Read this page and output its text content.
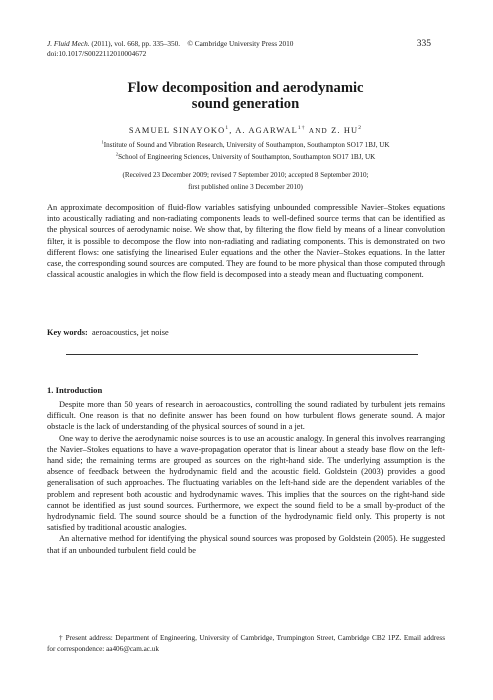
J. Fluid Mech. (2011), vol. 668, pp. 335–350. © Cambridge University Press 2010
doi:10.1017/S0022112010004672
335
Flow decomposition and aerodynamic
sound generation
SAMUEL SINAYOKO$^1$, A. $AGARWAL^{1\dagger}$ AND Z. $HU^2$
$^1$Institute of Sound and Vibration Research, University of Southampton, Southampton SO17 1BJ, UK
$^2$School of Engineering Sciences, University of Southampton, Southampton SO17 1BJ, UK
(Received 23 December 2009; revised 7 September 2010; accepted 8 September 2010;
first published online 3 December 2010)
An approximate decomposition of fluid-flow variables satisfying unbounded compressible Navier–Stokes equations into acoustically radiating and non-radiating components leads to well-defined source terms that can be identified as the physical sources of aerodynamic noise. We show that, by filtering the flow field by means of a linear convolution filter, it is possible to decompose the flow into non-radiating and radiating components. This is demonstrated on two different flows: one satisfying the linearised Euler equations and the other the Navier–Stokes equations. In the latter case, the corresponding sound sources are computed. They are found to be more physical than those computed through classical acoustic analogies in which the flow field is decomposed into a steady mean and fluctuating component.
Key words: aeroacoustics, jet noise
1. Introduction

Despite more than 50 years of research in aeroacoustics, controlling the sound radiated by turbulent jets remains difficult. One reason is that no definite answer has been found on how turbulent flows generate sound. A major obstacle is the lack of understanding of the physical sources of sound in a jet.

One way to derive the aerodynamic noise sources is to use an acoustic analogy. In general this involves rearranging the Navier–Stokes equations to have a wave-propagation operator that is linear about a steady base flow on the left-hand side; the remaining terms are grouped as sources on the right-hand side. The underlying assumption is the absence of feedback between the hydrodynamic field and the acoustic field. Goldstein (2003) provides a good generalisation of such approaches. The fluctuating variables on the left-hand side are the dependent variables of the problem and represent both acoustic and hydrodynamic waves. This implies that the sources on the right-hand side cannot be identified as just sound sources. Furthermore, we expect the sound field to be a small by-product of the hydrodynamic field. The sound source should be a function of the hydrodynamic field only. This property is not satisfied by traditional acoustic analogies.

An alternative method for identifying the physical sound sources was proposed by Goldstein (2005). He suggested that if an unbounded turbulent field could be

† Present address: Department of Engineering, University of Cambridge, Trumpington Street, Cambridge CB2 1PZ. Email address for correspondence: aa406@cam.ac.uk
